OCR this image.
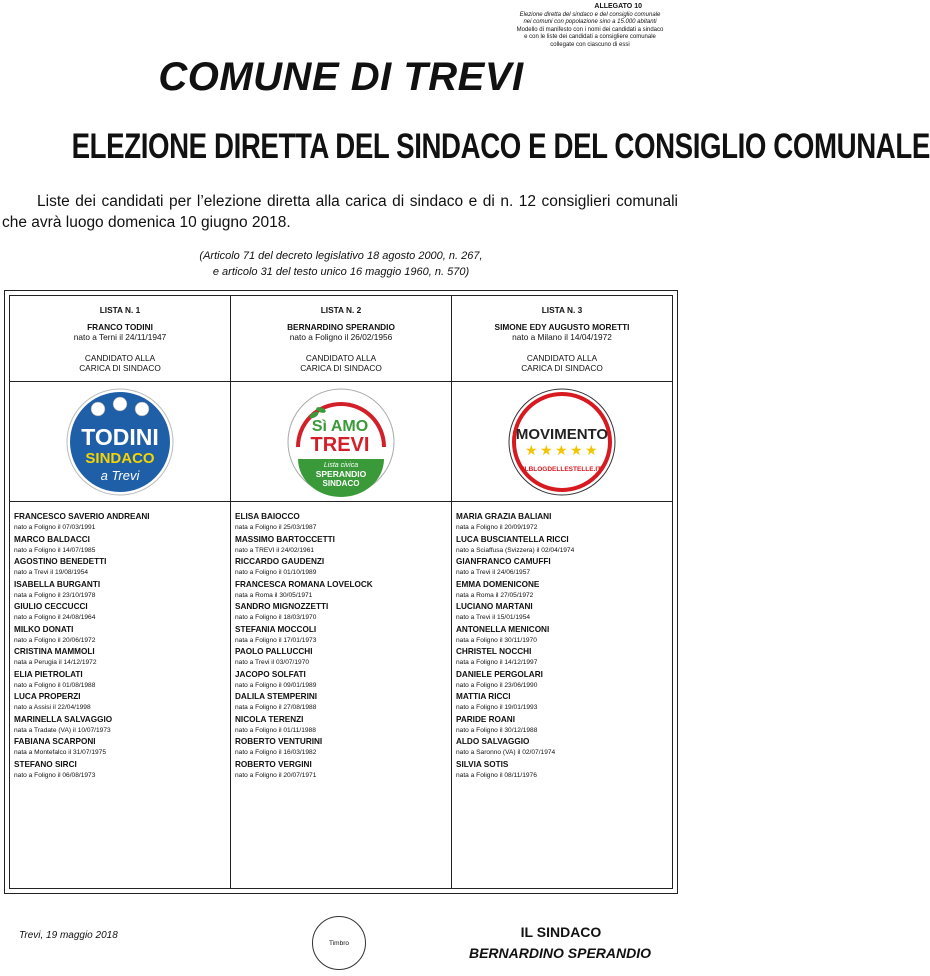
ALLEGATO 10
Elezione diretta del sindaco e del consiglio comunale
nei comuni con popolazione sino a 15.000 abitanti
Modello di manifesto con i nomi dei candidati a sindaco
e con le liste dei candidati a consigliere comunale
collegate con ciascuno di essi
COMUNE DI TREVI
ELEZIONE DIRETTA DEL SINDACO E DEL CONSIGLIO COMUNALE
Liste dei candidati per l’elezione diretta alla carica di sindaco e di n. 12 consiglieri comunali che avrà luogo domenica 10 giugno 2018.
(Articolo 71 del decreto legislativo 18 agosto 2000, n. 267,
e articolo 31 del testo unico 16 maggio 1960, n. 570)
LISTA N. 1
FRANCO TODINI
nato a Terni il 24/11/1947
CANDIDATO ALLA
CARICA DI SINDACO
TODINI
SINDACO
a Trevi
FRANCESCO SAVERIO ANDREANI
nato a Foligno il 07/03/1991
MARCO BALDACCI
nato a Foligno il 14/07/1985
AGOSTINO BENEDETTI
nato a Trevi il 19/08/1954
ISABELLA BURGANTI
nata a Foligno il 23/10/1978
GIULIO CECCUCCI
nato a Foligno il 24/08/1964
MILKO DONATI
nato a Foligno il 20/06/1972
CRISTINA MAMMOLI
nata a Perugia il 14/12/1972
ELIA PIETROLATI
nato a Foligno il 01/08/1988
LUCA PROPERZI
nato a Assisi il 22/04/1998
MARINELLA SALVAGGIO
nata a Tradate (VA) il 10/07/1973
FABIANA SCARPONI
nata a Montefalco il 31/07/1975
STEFANO SIRCI
nato a Foligno il 06/08/1973
LISTA N. 2
BERNARDINO SPERANDIO
nato a Foligno il 26/02/1956
CANDIDATO ALLA
CARICA DI SINDACO
Sì AMO
TREVI
Lista civica
SPERANDIO
SINDACO
ELISA BAIOCCO
nata a Foligno il 25/03/1987
MASSIMO BARTOCCETTI
nato a TREVI il 24/02/1961
RICCARDO GAUDENZI
nato a Foligno il 01/10/1989
FRANCESCA ROMANA LOVELOCK
nata a Roma il 30/05/1971
SANDRO MIGNOZZETTI
nato a Foligno il 18/03/1970
STEFANIA MOCCOLI
nata a Foligno il 17/01/1973
PAOLO PALLUCCHI
nato a Trevi il 03/07/1970
JACOPO SOLFATI
nato a Foligno il 09/01/1989
DALILA STEMPERINI
nata a Foligno il 27/08/1988
NICOLA TERENZI
nato a Foligno il 01/11/1988
ROBERTO VENTURINI
nato a Foligno il 16/03/1982
ROBERTO VERGINI
nato a Foligno il 20/07/1971
LISTA N. 3
SIMONE EDY AUGUSTO MORETTI
nato a Milano il 14/04/1972
CANDIDATO ALLA
CARICA DI SINDACO
MOVIMENTO
★ ★ ★ ★ ★
ILBLOGDELLESTELLE.IT
MARIA GRAZIA BALIANI
nata a Foligno il 20/09/1972
LUCA BUSCIANTELLA RICCI
nato a Sciaffusa (Svizzera) il 02/04/1974
GIANFRANCO CAMUFFI
nato a Trevi il 24/06/1957
EMMA DOMENICONE
nata a Roma il 27/05/1972
LUCIANO MARTANI
nato a Trevi il 15/01/1954
ANTONELLA MENICONI
nata a Foligno il 30/11/1970
CHRISTEL NOCCHI
nata a Foligno il 14/12/1997
DANIELE PERGOLARI
nato a Foligno il 23/06/1990
MATTIA RICCI
nato a Foligno il 19/01/1993
PARIDE ROANI
nato a Foligno il 30/12/1988
ALDO SALVAGGIO
nato a Saronno (VA) il 02/07/1974
SILVIA SOTIS
nata a Foligno il 08/11/1976
Trevi, 19 maggio 2018
Timbro
IL SINDACO
BERNARDINO SPERANDIO
